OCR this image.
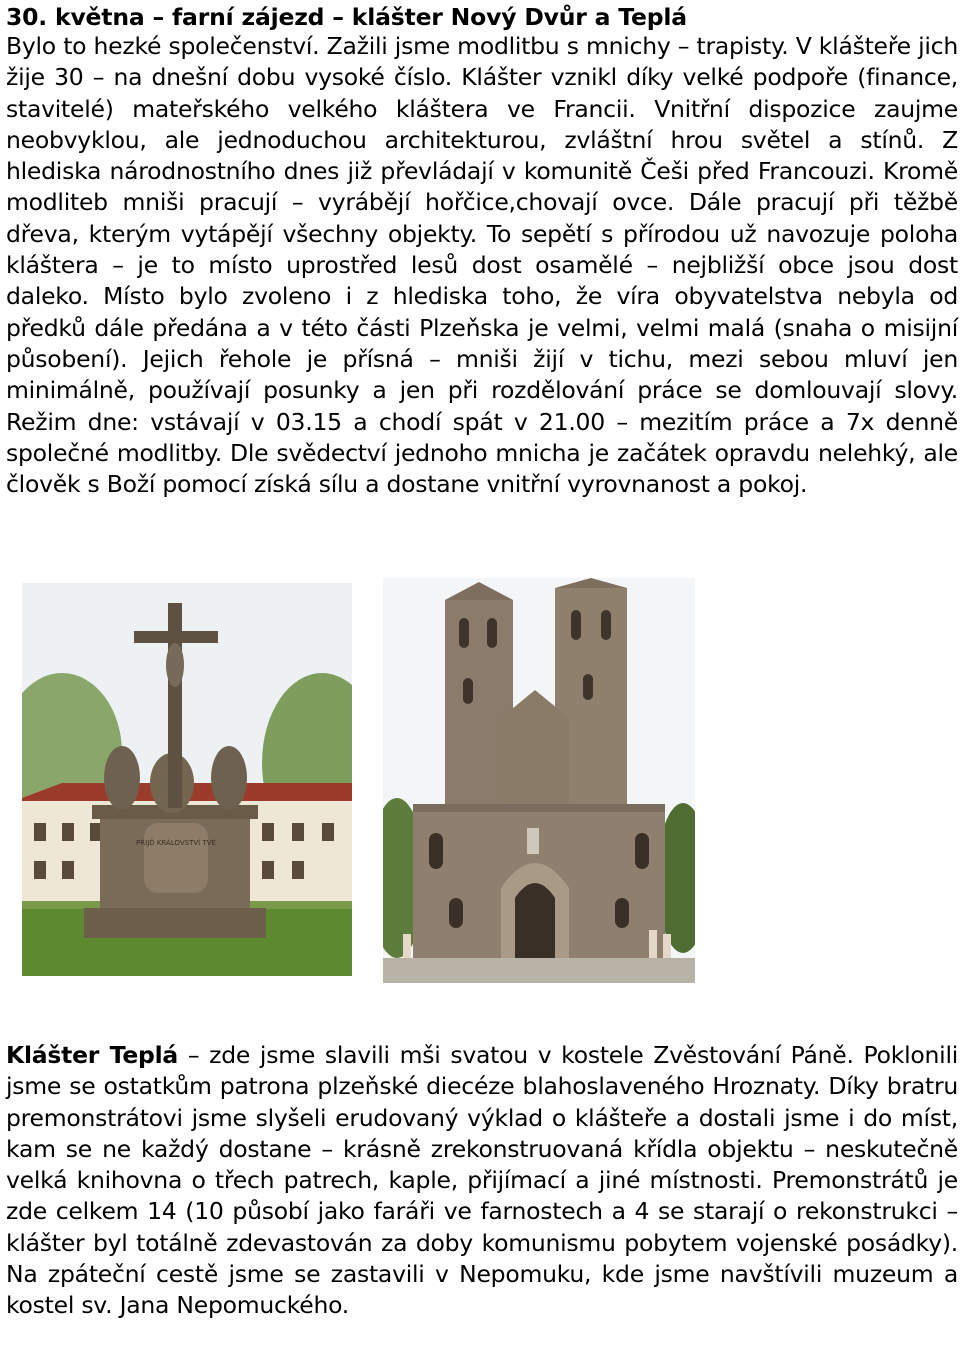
30. května – farní zájezd – klášter Nový Dvůr a Teplá

Bylo to hezké společenství. Zažili jsme modlitbu s mnichy – trapisty. V klášteře jich žije 30 – na dnešní dobu vysoké číslo. Klášter vznikl díky velké podpoře (finance, stavitelé) mateřského velkého kláštera ve Francii. Vnitřní dispozice zaujme neobvyklou, ale jednoduchou architekturou, zvláštní hrou světel a stínů. Z hlediska národnostního dnes již převládají v komunitě Češi před Francouzi. Kromě modliteb mniši pracují – vyrábějí hořčice,chovají ovce. Dále pracují při těžbě dřeva, kterým vytápějí všechny objekty. To sepětí s přírodou už navozuje poloha kláštera – je to místo uprostřed lesů dost osamělé – nejbližší obce jsou dost daleko. Místo bylo zvoleno i z hlediska toho, že víra obyvatelstva nebyla od předků dále předána a v této části Plzeňska je velmi, velmi malá (snaha o misijní působení). Jejich řehole je přísná – mniši žijí v tichu, mezi sebou mluví jen minimálně, používají posunky a jen při rozdělování práce se domlouvají slovy. Režim dne: vstávají v 03.15 a chodí spát v 21.00 – mezitím práce a 7x denně společné modlitby. Dle svědectví jednoho mnicha je začátek opravdu nelehký, ale člověk s Boží pomocí získá sílu a dostane vnitřní vyrovnanost a pokoj.

PŘIJĎ KRÁLOVSTVÍ TVÉ

Klášter Teplá – zde jsme slavili mši svatou v kostele Zvěstování Páně. Poklonili jsme se ostatkům patrona plzeňské diecéze blahoslaveného Hroznaty. Díky bratru premonstrátovi jsme slyšeli erudovaný výklad o klášteře a dostali jsme i do míst, kam se ne každý dostane – krásně zrekonstruovaná křídla objektu – neskutečně velká knihovna o třech patrech, kaple, přijímací a jiné místnosti. Premonstrátů je zde celkem 14 (10 působí jako faráři ve farnostech a 4 se starají o rekonstrukci – klášter byl totálně zdevastován za doby komunismu pobytem vojenské posádky). Na zpáteční cestě jsme se zastavili v Nepomuku, kde jsme navštívili muzeum a kostel sv. Jana Nepomuckého.
